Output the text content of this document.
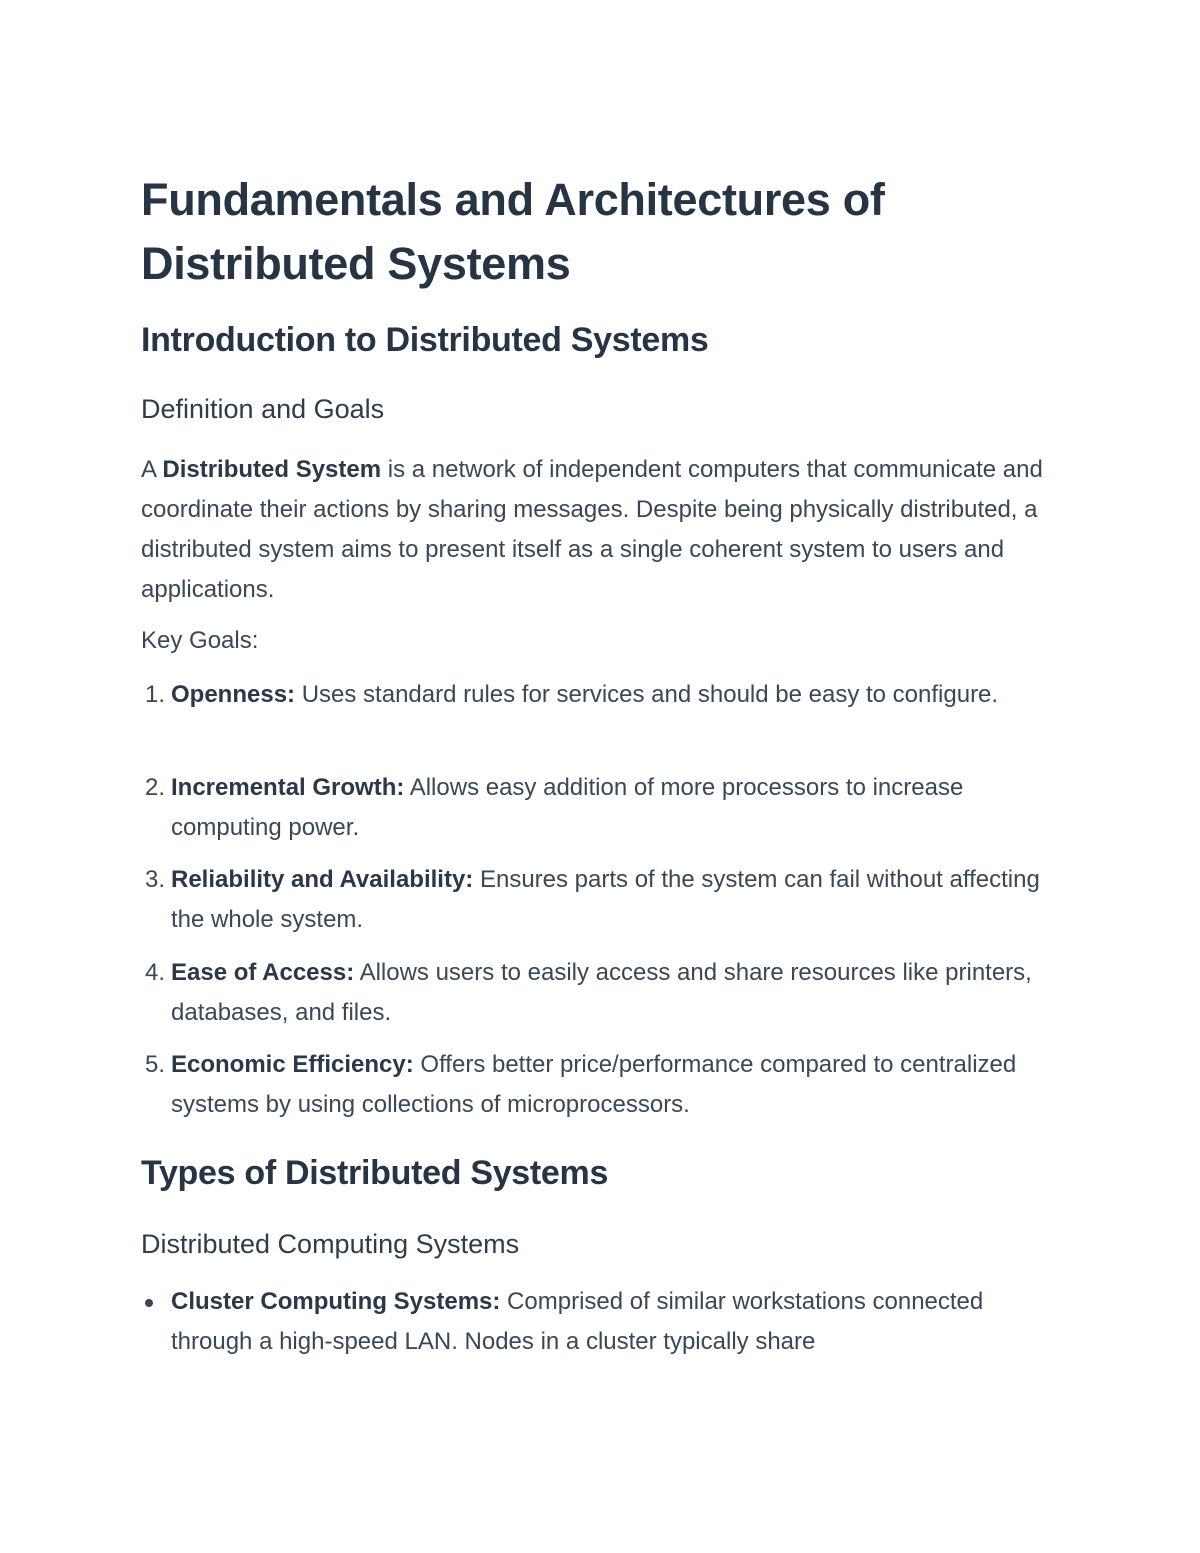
Fundamentals and Architectures of Distributed Systems
Introduction to Distributed Systems
Definition and Goals

A Distributed System is a network of independent computers that communicate and coordinate their actions by sharing messages. Despite being physically distributed, a distributed system aims to present itself as a single coherent system to users and applications.

Key Goals:

1. Openness: Uses standard rules for services and should be easy to configure.
2. Incremental Growth: Allows easy addition of more processors to increase computing power.
3. Reliability and Availability: Ensures parts of the system can fail without affecting the whole system.
4. Ease of Access: Allows users to easily access and share resources like printers, databases, and files.
5. Economic Efficiency: Offers better price/performance compared to centralized systems by using collections of microprocessors.
Types of Distributed Systems
Distributed Computing Systems
Cluster Computing Systems: Comprised of similar workstations connected through a high-speed LAN. Nodes in a cluster typically share
